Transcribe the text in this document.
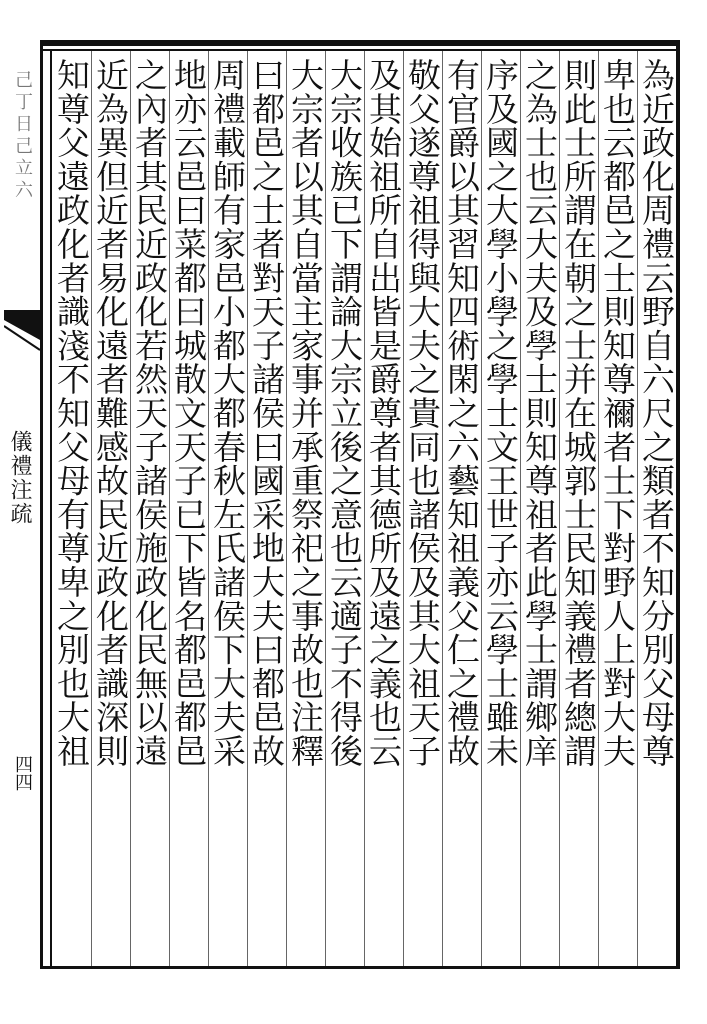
己丁日己立六
儀禮注疏
四四
為近政化周禮云野自六尺之類者不知分別父母尊
卑也云都邑之士則知尊禰者士下對野人上對大夫
則此士所謂在朝之士并在城郭士民知義禮者總謂
之為士也云大夫及學士則知尊祖者此學士謂鄉庠
序及國之大學小學之學士文王世子亦云學士雖未
有官爵以其習知四術閑之六藝知祖義父仁之禮故
敬父遂尊祖得與大夫之貴同也諸侯及其大祖天子
及其始祖所自出皆是爵尊者其德所及遠之義也云
大宗收族已下謂論大宗立後之意也云適子不得後
大宗者以其自當主家事并承重祭祀之事故也注釋
曰都邑之士者對天子諸侯曰國采地大夫曰都邑故
周禮載師有家邑小都大都春秋左氏諸侯下大夫采
地亦云邑曰菜都曰城散文天子已下皆名都邑都邑
之內者其民近政化若然天子諸侯施政化民無以遠
近為異但近者易化遠者難感故民近政化者識深則
知尊父遠政化者識淺不知父母有尊卑之別也大祖
